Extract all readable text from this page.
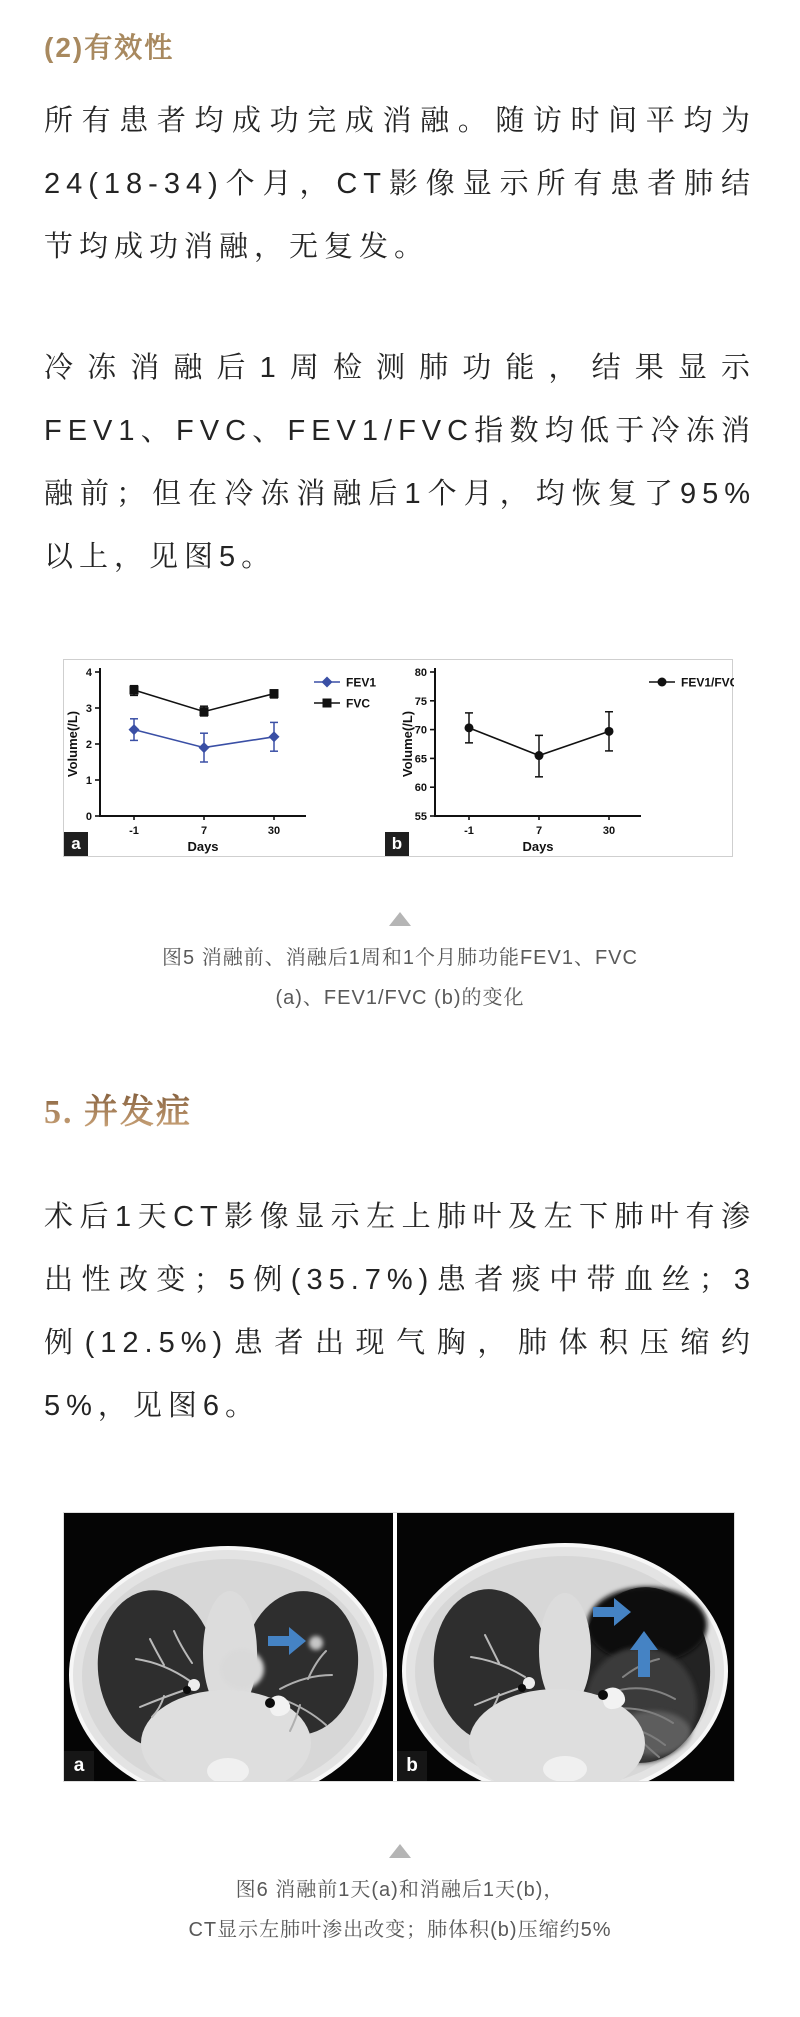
(2)有效性

所有患者均成功完成消融。随访时间平均为24(18-34)个月，CT影像显示所有患者肺结节均成功消融，无复发。

冷冻消融后1周检测肺功能，结果显示FEV1、FVC、FEV1/FVC指数均低于冷冻消融前；但在冷冻消融后1个月，均恢复了95%以上，见图5。

0
1
2
3
4
-1	7	30
Days
Volume(/L)
FEV1
FVC
55
60
65
70
75
80
-1	7	30
Days
Volume(/L)
FEV1/FVC
a	b
图5 消融前、消融后1周和1个月肺功能FEV1、FVC
(a)、FEV1/FVC (b)的变化
5. 并发症

术后1天CT影像显示左上肺叶及左下肺叶有渗出性改变；5例(35.7%)患者痰中带血丝；3例(12.5%)患者出现气胸，肺体积压缩约5%，见图6。

a	b
图6 消融前1天(a)和消融后1天(b)，
CT显示左肺叶渗出改变；肺体积(b)压缩约5%
